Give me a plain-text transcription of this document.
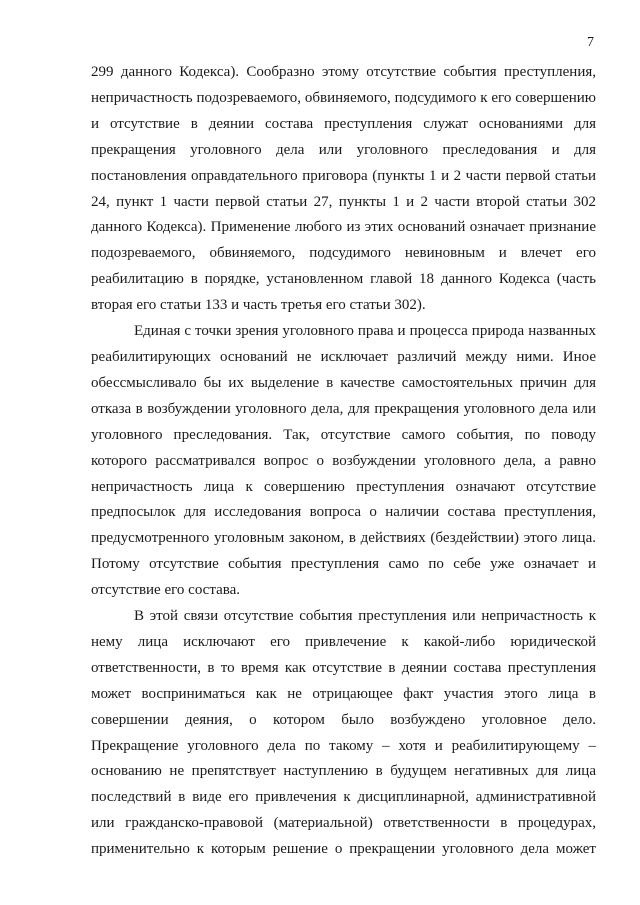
7

299 данного Кодекса). Сообразно этому отсутствие события преступления, непричастность подозреваемого, обвиняемого, подсудимого к его совершению и отсутствие в деянии состава преступления служат основаниями для прекращения уголовного дела или уголовного преследования и для постановления оправдательного приговора (пункты 1 и 2 части первой статьи 24, пункт 1 части первой статьи 27, пункты 1 и 2 части второй статьи 302 данного Кодекса). Применение любого из этих оснований означает признание подозреваемого, обвиняемого, подсудимого невиновным и влечет его реабилитацию в порядке, установленном главой 18 данного Кодекса (часть вторая его статьи 133 и часть третья его статьи 302).

Единая с точки зрения уголовного права и процесса природа названных реабилитирующих оснований не исключает различий между ними. Иное обессмысливало бы их выделение в качестве самостоятельных причин для отказа в возбуждении уголовного дела, для прекращения уголовного дела или уголовного преследования. Так, отсутствие самого события, по поводу которого рассматривался вопрос о возбуждении уголовного дела, а равно непричастность лица к совершению преступления означают отсутствие предпосылок для исследования вопроса о наличии состава преступления, предусмотренного уголовным законом, в действиях (бездействии) этого лица. Потому отсутствие события преступления само по себе уже означает и отсутствие его состава.

В этой связи отсутствие события преступления или непричастность к нему лица исключают его привлечение к какой-либо юридической ответственности, в то время как отсутствие в деянии состава преступления может восприниматься как не отрицающее факт участия этого лица в совершении деяния, о котором было возбуждено уголовное дело. Прекращение уголовного дела по такому – хотя и реабилитирующему – основанию не препятствует наступлению в будущем негативных для лица последствий в виде его привлечения к дисциплинарной, административной или гражданско-правовой (материальной) ответственности в процедурах, применительно к которым решение о прекращении уголовного дела может
